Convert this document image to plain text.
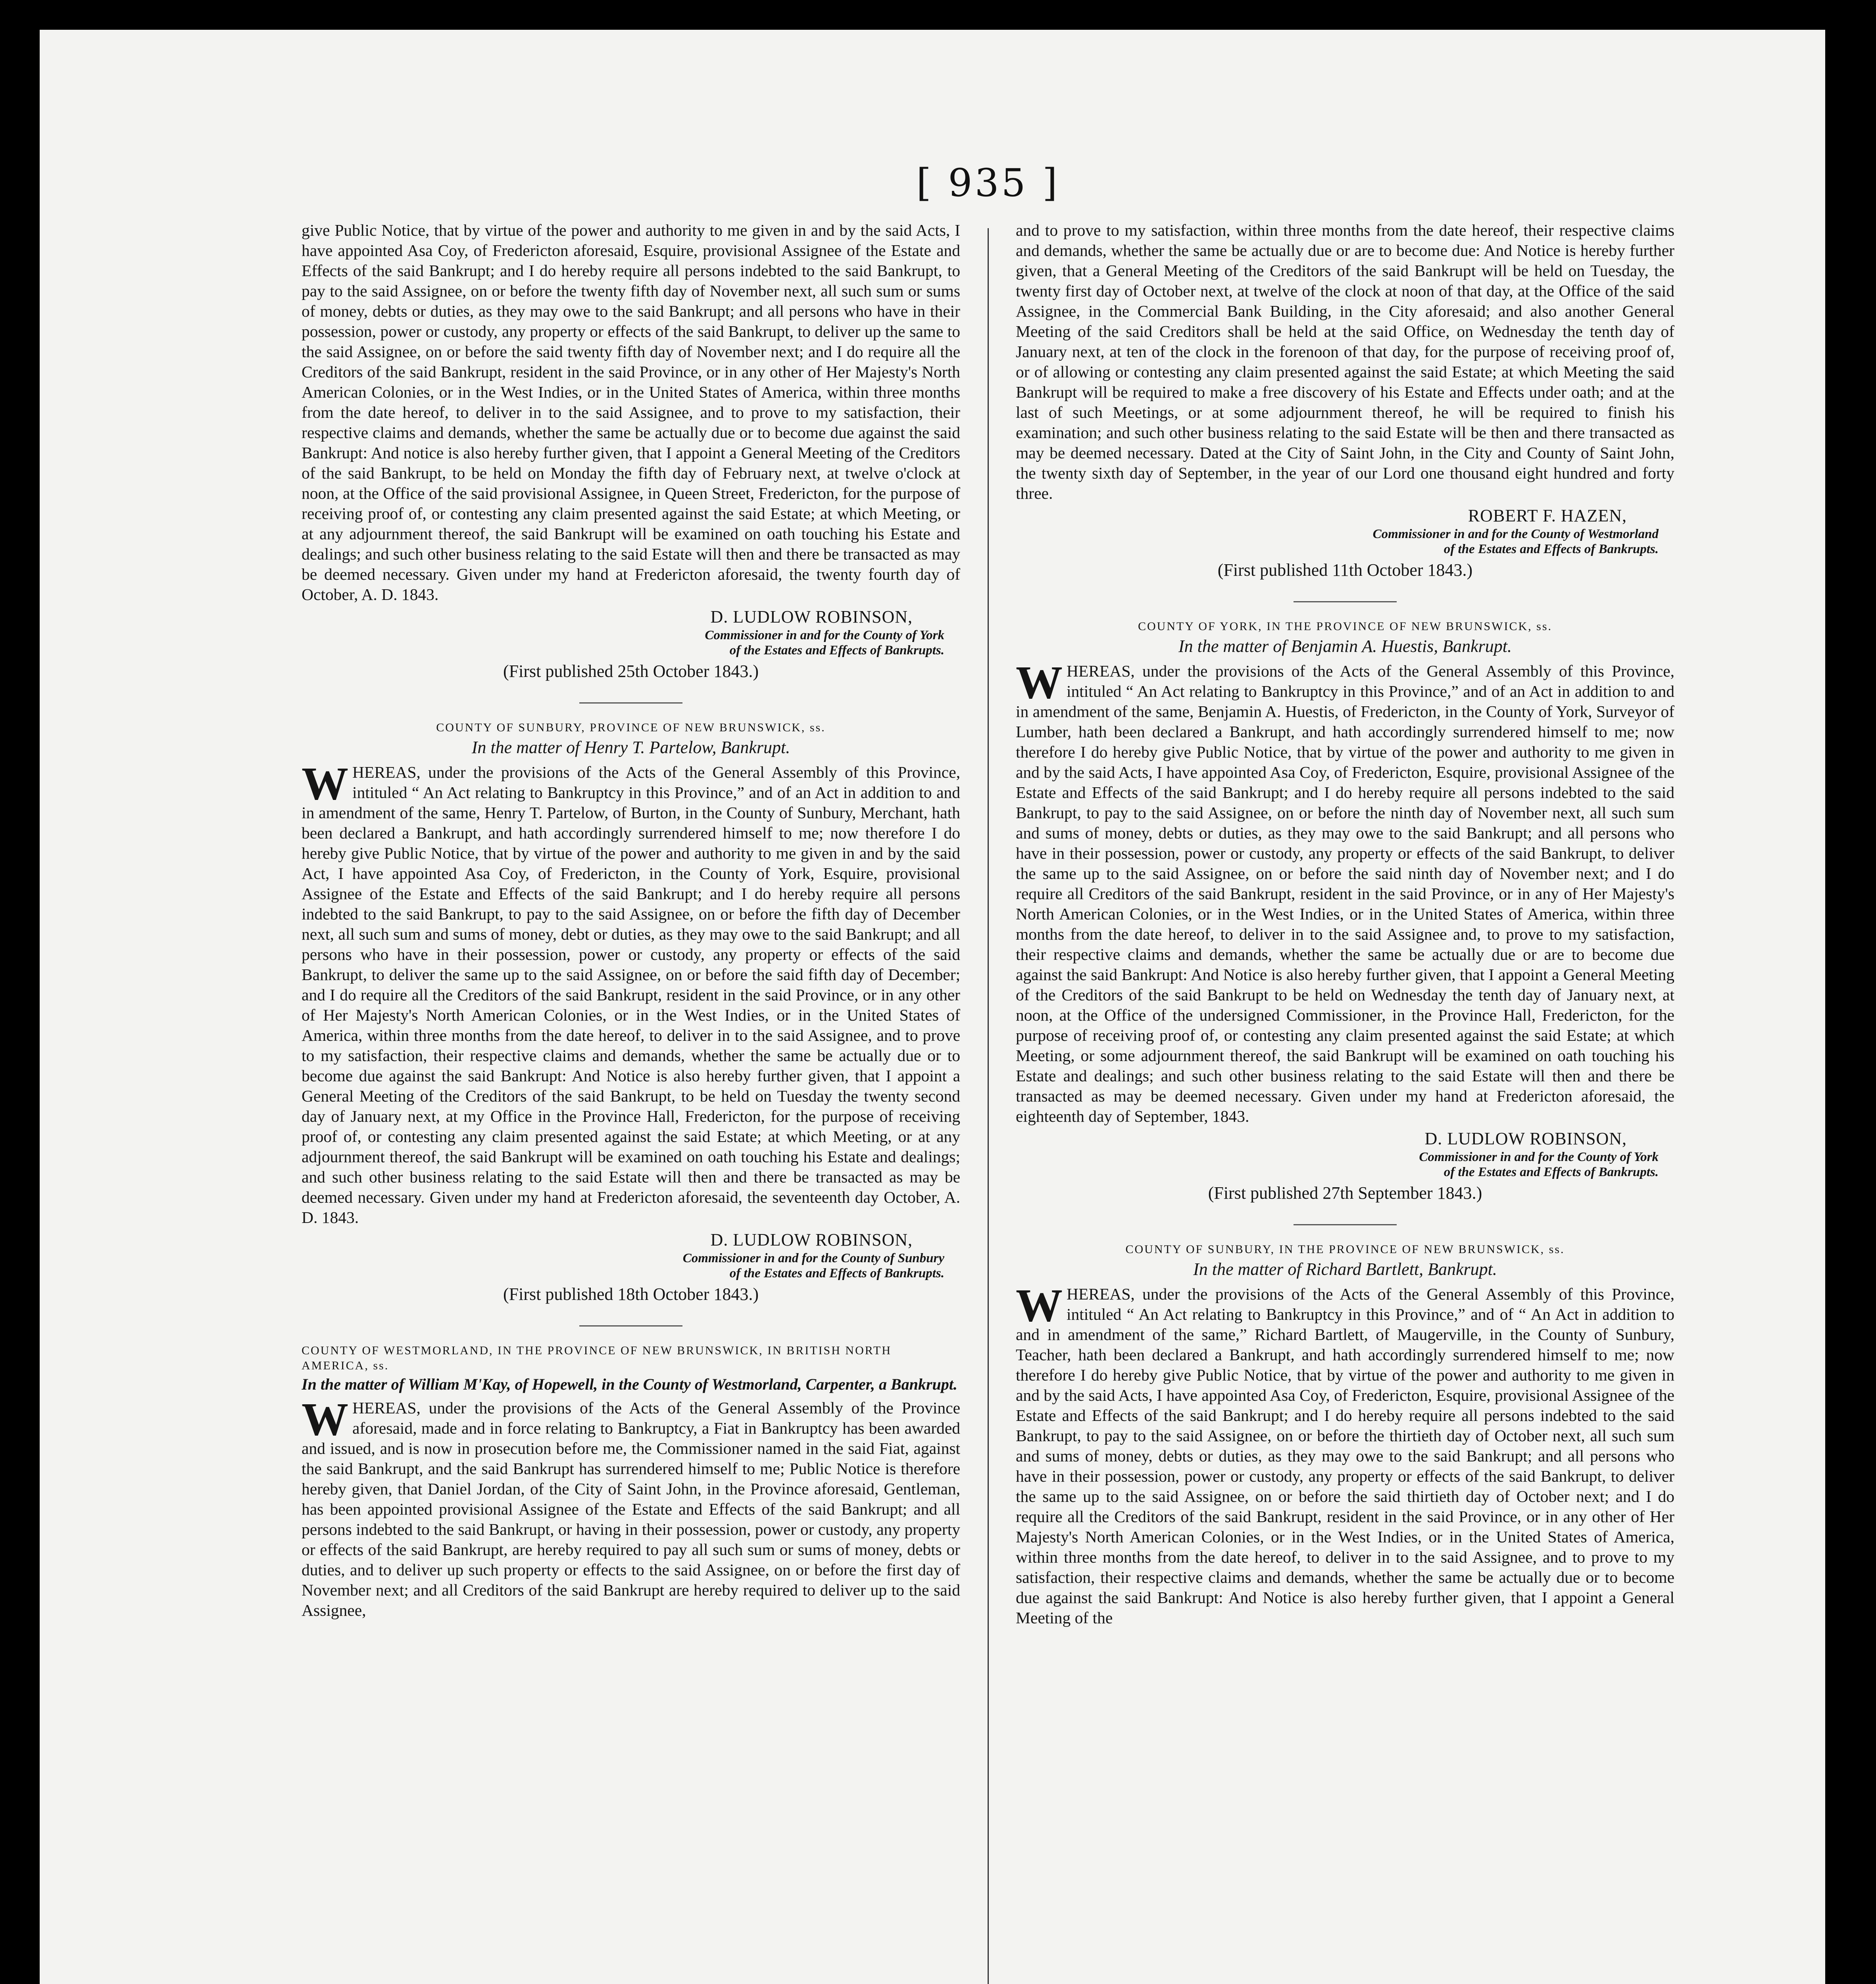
[ 935 ]

give Public Notice, that by virtue of the power and authority to me given in and by the said Acts, I have appointed Asa Coy, of Fredericton aforesaid, Esquire, provisional Assignee of the Estate and Effects of the said Bankrupt; and I do hereby require all persons indebted to the said Bankrupt, to pay to the said Assignee, on or before the twenty fifth day of November next, all such sum or sums of money, debts or duties, as they may owe to the said Bankrupt; and all persons who have in their possession, power or custody, any property or effects of the said Bankrupt, to deliver up the same to the said Assignee, on or before the said twenty fifth day of November next; and I do require all the Creditors of the said Bankrupt, resident in the said Province, or in any other of Her Majesty's North American Colonies, or in the West Indies, or in the United States of America, within three months from the date hereof, to deliver in to the said Assignee, and to prove to my satisfaction, their respective claims and demands, whether the same be actually due or to become due against the said Bankrupt: And notice is also hereby further given, that I appoint a General Meeting of the Creditors of the said Bankrupt, to be held on Monday the fifth day of February next, at twelve o'clock at noon, at the Office of the said provisional Assignee, in Queen Street, Fredericton, for the purpose of receiving proof of, or contesting any claim presented against the said Estate; at which Meeting, or at any adjournment thereof, the said Bankrupt will be examined on oath touching his Estate and dealings; and such other business relating to the said Estate will then and there be transacted as may be deemed necessary. Given under my hand at Fredericton aforesaid, the twenty fourth day of October, A. D. 1843.

D. LUDLOW ROBINSON,

Commissioner in and for the County of York

of the Estates and Effects of Bankrupts.

(First published 25th October 1843.)

COUNTY OF SUNBURY, PROVINCE OF NEW BRUNSWICK, ss.

In the matter of Henry T. Partelow, Bankrupt.

WHEREAS, under the provisions of the Acts of the General Assembly of this Province, intituled “ An Act relating to Bankruptcy in this Province,” and of an Act in addition to and in amendment of the same, Henry T. Partelow, of Burton, in the County of Sunbury, Merchant, hath been declared a Bankrupt, and hath accordingly surrendered himself to me; now therefore I do hereby give Public Notice, that by virtue of the power and authority to me given in and by the said Act, I have appointed Asa Coy, of Fredericton, in the County of York, Esquire, provisional Assignee of the Estate and Effects of the said Bankrupt; and I do hereby require all persons indebted to the said Bankrupt, to pay to the said Assignee, on or before the fifth day of December next, all such sum and sums of money, debt or duties, as they may owe to the said Bankrupt; and all persons who have in their possession, power or custody, any property or effects of the said Bankrupt, to deliver the same up to the said Assignee, on or before the said fifth day of December; and I do require all the Creditors of the said Bankrupt, resident in the said Province, or in any other of Her Majesty's North American Colonies, or in the West Indies, or in the United States of America, within three months from the date hereof, to deliver in to the said Assignee, and to prove to my satisfaction, their respective claims and demands, whether the same be actually due or to become due against the said Bankrupt: And Notice is also hereby further given, that I appoint a General Meeting of the Creditors of the said Bankrupt, to be held on Tuesday the twenty second day of January next, at my Office in the Province Hall, Fredericton, for the purpose of receiving proof of, or contesting any claim presented against the said Estate; at which Meeting, or at any adjournment thereof, the said Bankrupt will be examined on oath touching his Estate and dealings; and such other business relating to the said Estate will then and there be transacted as may be deemed necessary. Given under my hand at Fredericton aforesaid, the seventeenth day October, A. D. 1843.

D. LUDLOW ROBINSON,

Commissioner in and for the County of Sunbury

of the Estates and Effects of Bankrupts.

(First published 18th October 1843.)

COUNTY OF WESTMORLAND, IN THE PROVINCE OF NEW BRUNSWICK, IN BRITISH NORTH AMERICA, ss.

In the matter of William M'Kay, of Hopewell, in the County of Westmorland, Carpenter, a Bankrupt.

WHEREAS, under the provisions of the Acts of the General Assembly of the Province aforesaid, made and in force relating to Bankruptcy, a Fiat in Bankruptcy has been awarded and issued, and is now in prosecution before me, the Commissioner named in the said Fiat, against the said Bankrupt, and the said Bankrupt has surrendered himself to me; Public Notice is therefore hereby given, that Daniel Jordan, of the City of Saint John, in the Province aforesaid, Gentleman, has been appointed provisional Assignee of the Estate and Effects of the said Bankrupt; and all persons indebted to the said Bankrupt, or having in their possession, power or custody, any property or effects of the said Bankrupt, are hereby required to pay all such sum or sums of money, debts or duties, and to deliver up such property or effects to the said Assignee, on or before the first day of November next; and all Creditors of the said Bankrupt are hereby required to deliver up to the said Assignee,

and to prove to my satisfaction, within three months from the date hereof, their respective claims and demands, whether the same be actually due or are to become due: And Notice is hereby further given, that a General Meeting of the Creditors of the said Bankrupt will be held on Tuesday, the twenty first day of October next, at twelve of the clock at noon of that day, at the Office of the said Assignee, in the Commercial Bank Building, in the City aforesaid; and also another General Meeting of the said Creditors shall be held at the said Office, on Wednesday the tenth day of January next, at ten of the clock in the forenoon of that day, for the purpose of receiving proof of, or of allowing or contesting any claim presented against the said Estate; at which Meeting the said Bankrupt will be required to make a free discovery of his Estate and Effects under oath; and at the last of such Meetings, or at some adjournment thereof, he will be required to finish his examination; and such other business relating to the said Estate will be then and there transacted as may be deemed necessary. Dated at the City of Saint John, in the City and County of Saint John, the twenty sixth day of September, in the year of our Lord one thousand eight hundred and forty three.

ROBERT F. HAZEN,

Commissioner in and for the County of Westmorland

of the Estates and Effects of Bankrupts.

(First published 11th October 1843.)

COUNTY OF YORK, IN THE PROVINCE OF NEW BRUNSWICK, ss.

In the matter of Benjamin A. Huestis, Bankrupt.

WHEREAS, under the provisions of the Acts of the General Assembly of this Province, intituled “ An Act relating to Bankruptcy in this Province,” and of an Act in addition to and in amendment of the same, Benjamin A. Huestis, of Fredericton, in the County of York, Surveyor of Lumber, hath been declared a Bankrupt, and hath accordingly surrendered himself to me; now therefore I do hereby give Public Notice, that by virtue of the power and authority to me given in and by the said Acts, I have appointed Asa Coy, of Fredericton, Esquire, provisional Assignee of the Estate and Effects of the said Bankrupt; and I do hereby require all persons indebted to the said Bankrupt, to pay to the said Assignee, on or before the ninth day of November next, all such sum and sums of money, debts or duties, as they may owe to the said Bankrupt; and all persons who have in their possession, power or custody, any property or effects of the said Bankrupt, to deliver the same up to the said Assignee, on or before the said ninth day of November next; and I do require all Creditors of the said Bankrupt, resident in the said Province, or in any of Her Majesty's North American Colonies, or in the West Indies, or in the United States of America, within three months from the date hereof, to deliver in to the said Assignee and, to prove to my satisfaction, their respective claims and demands, whether the same be actually due or are to become due against the said Bankrupt: And Notice is also hereby further given, that I appoint a General Meeting of the Creditors of the said Bankrupt to be held on Wednesday the tenth day of January next, at noon, at the Office of the undersigned Commissioner, in the Province Hall, Fredericton, for the purpose of receiving proof of, or contesting any claim presented against the said Estate; at which Meeting, or some adjournment thereof, the said Bankrupt will be examined on oath touching his Estate and dealings; and such other business relating to the said Estate will then and there be transacted as may be deemed necessary. Given under my hand at Fredericton aforesaid, the eighteenth day of September, 1843.

D. LUDLOW ROBINSON,

Commissioner in and for the County of York

of the Estates and Effects of Bankrupts.

(First published 27th September 1843.)

COUNTY OF SUNBURY, IN THE PROVINCE OF NEW BRUNSWICK, ss.

In the matter of Richard Bartlett, Bankrupt.

WHEREAS, under the provisions of the Acts of the General Assembly of this Province, intituled “ An Act relating to Bankruptcy in this Province,” and of “ An Act in addition to and in amendment of the same,” Richard Bartlett, of Maugerville, in the County of Sunbury, Teacher, hath been declared a Bankrupt, and hath accordingly surrendered himself to me; now therefore I do hereby give Public Notice, that by virtue of the power and authority to me given in and by the said Acts, I have appointed Asa Coy, of Fredericton, Esquire, provisional Assignee of the Estate and Effects of the said Bankrupt; and I do hereby require all persons indebted to the said Bankrupt, to pay to the said Assignee, on or before the thirtieth day of October next, all such sum and sums of money, debts or duties, as they may owe to the said Bankrupt; and all persons who have in their possession, power or custody, any property or effects of the said Bankrupt, to deliver the same up to the said Assignee, on or before the said thirtieth day of October next; and I do require all the Creditors of the said Bankrupt, resident in the said Province, or in any other of Her Majesty's North American Colonies, or in the West Indies, or in the United States of America, within three months from the date hereof, to deliver in to the said Assignee, and to prove to my satisfaction, their respective claims and demands, whether the same be actually due or to become due against the said Bankrupt: And Notice is also hereby further given, that I appoint a General Meeting of the
